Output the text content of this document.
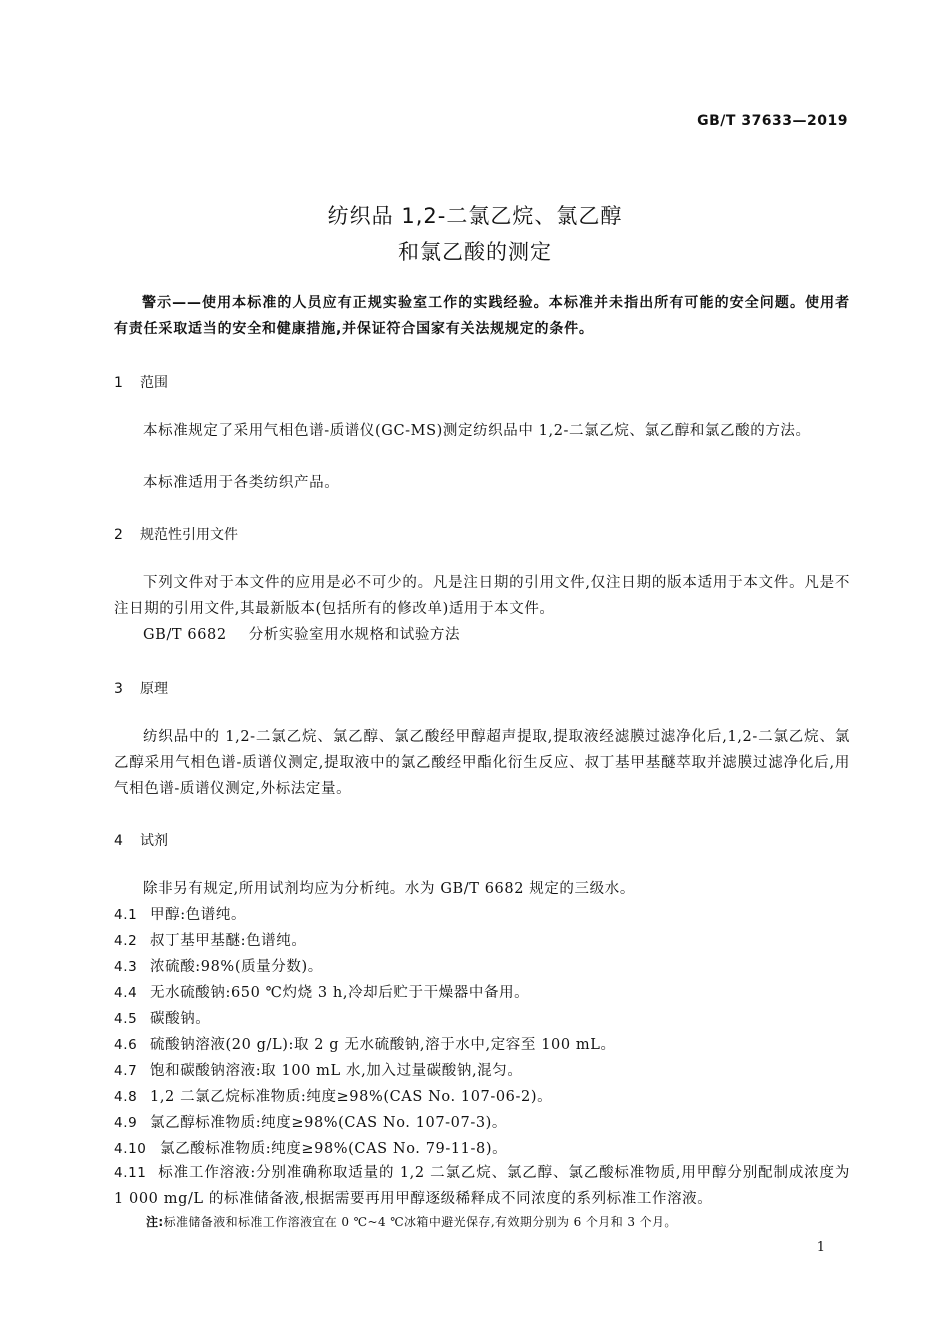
GB/T 37633—2019
纺织品 1,2-二氯乙烷、氯乙醇
和氯乙酸的测定
警示——使用本标准的人员应有正规实验室工作的实践经验。本标准并未指出所有可能的安全问题。使用者有责任采取适当的安全和健康措施,并保证符合国家有关法规规定的条件。
1 范围
本标准规定了采用气相色谱-质谱仪(GC-MS)测定纺织品中 1,2-二氯乙烷、氯乙醇和氯乙酸的方法。
本标准适用于各类纺织产品。
2 规范性引用文件
下列文件对于本文件的应用是必不可少的。凡是注日期的引用文件,仅注日期的版本适用于本文件。凡是不注日期的引用文件,其最新版本(包括所有的修改单)适用于本文件。
GB/T 6682 分析实验室用水规格和试验方法
3 原理
纺织品中的 1,2-二氯乙烷、氯乙醇、氯乙酸经甲醇超声提取,提取液经滤膜过滤净化后,1,2-二氯乙烷、氯乙醇采用气相色谱-质谱仪测定,提取液中的氯乙酸经甲酯化衍生反应、叔丁基甲基醚萃取并滤膜过滤净化后,用气相色谱-质谱仪测定,外标法定量。
4 试剂
除非另有规定,所用试剂均应为分析纯。水为 GB/T 6682 规定的三级水。
4.1 甲醇:色谱纯。
4.2 叔丁基甲基醚:色谱纯。
4.3 浓硫酸:98%(质量分数)。
4.4 无水硫酸钠:650 ℃灼烧 3 h,冷却后贮于干燥器中备用。
4.5 碳酸钠。
4.6 硫酸钠溶液(20 g/L):取 2 g 无水硫酸钠,溶于水中,定容至 100 mL。
4.7 饱和碳酸钠溶液:取 100 mL 水,加入过量碳酸钠,混匀。
4.8 1,2 二氯乙烷标准物质:纯度≥98%(CAS No. 107-06-2)。
4.9 氯乙醇标准物质:纯度≥98%(CAS No. 107-07-3)。
4.10 氯乙酸标准物质:纯度≥98%(CAS No. 79-11-8)。
4.11 标准工作溶液:分别准确称取适量的 1,2 二氯乙烷、氯乙醇、氯乙酸标准物质,用甲醇分别配制成浓度为 1 000 mg/L 的标准储备液,根据需要再用甲醇逐级稀释成不同浓度的系列标准工作溶液。
注:标准储备液和标准工作溶液宜在 0 ℃~4 ℃冰箱中避光保存,有效期分别为 6 个月和 3 个月。
1
